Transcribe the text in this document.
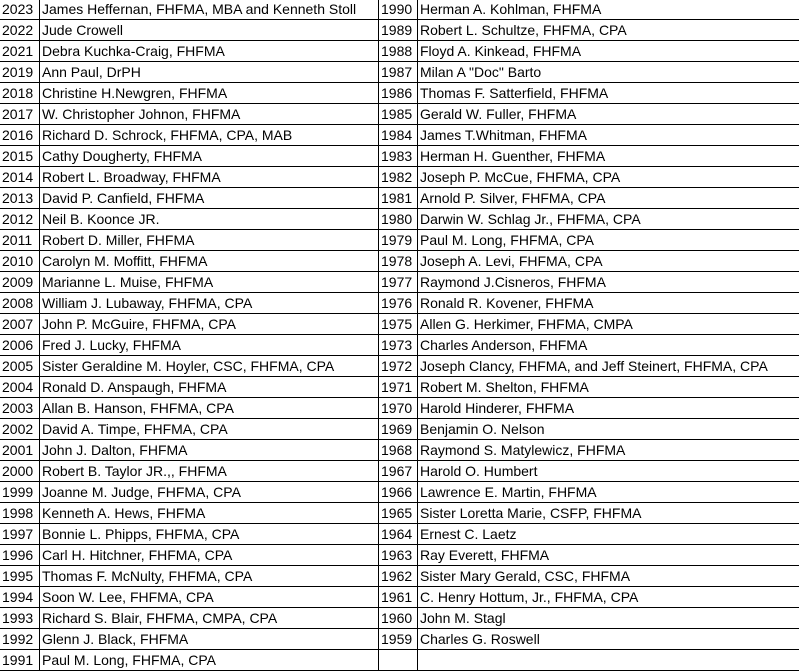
2023	James Heffernan, FHFMA, MBA and Kenneth Stoll	1990	Herman A. Kohlman, FHFMA
2022	Jude Crowell	1989	Robert L. Schultze, FHFMA, CPA
2021	Debra Kuchka-Craig, FHFMA	1988	Floyd A. Kinkead, FHFMA
2019	Ann Paul, DrPH	1987	Milan A "Doc" Barto
2018	Christine H.Newgren, FHFMA	1986	Thomas F. Satterfield, FHFMA
2017	W. Christopher Johnon, FHFMA	1985	Gerald W. Fuller, FHFMA
2016	Richard D. Schrock, FHFMA, CPA, MAB	1984	James T.Whitman, FHFMA
2015	Cathy Dougherty, FHFMA	1983	Herman H. Guenther, FHFMA
2014	Robert L. Broadway, FHFMA	1982	Joseph P. McCue, FHFMA, CPA
2013	David P. Canfield, FHFMA	1981	Arnold P. Silver, FHFMA, CPA
2012	Neil B. Koonce JR.	1980	Darwin W. Schlag Jr., FHFMA, CPA
2011	Robert D. Miller, FHFMA	1979	Paul M. Long, FHFMA, CPA
2010	Carolyn M. Moffitt, FHFMA	1978	Joseph A. Levi, FHFMA, CPA
2009	Marianne L. Muise, FHFMA	1977	Raymond J.Cisneros, FHFMA
2008	William J. Lubaway, FHFMA, CPA	1976	Ronald R. Kovener, FHFMA
2007	John P. McGuire, FHFMA, CPA	1975	Allen G. Herkimer, FHFMA, CMPA
2006	Fred J. Lucky, FHFMA	1973	Charles Anderson, FHFMA
2005	Sister Geraldine M. Hoyler, CSC, FHFMA, CPA	1972	Joseph Clancy, FHFMA, and Jeff Steinert, FHFMA, CPA
2004	Ronald D. Anspaugh, FHFMA	1971	Robert M. Shelton, FHFMA
2003	Allan B. Hanson, FHFMA, CPA	1970	Harold Hinderer, FHFMA
2002	David A. Timpe, FHFMA, CPA	1969	Benjamin O. Nelson
2001	John J. Dalton, FHFMA	1968	Raymond S. Matylewicz, FHFMA
2000	Robert B. Taylor JR.,, FHFMA	1967	Harold O. Humbert
1999	Joanne M. Judge, FHFMA, CPA	1966	Lawrence E. Martin, FHFMA
1998	Kenneth A. Hews, FHFMA	1965	Sister Loretta Marie, CSFP, FHFMA
1997	Bonnie L. Phipps, FHFMA, CPA	1964	Ernest C. Laetz
1996	Carl H. Hitchner, FHFMA, CPA	1963	Ray Everett, FHFMA
1995	Thomas F. McNulty, FHFMA, CPA	1962	Sister Mary Gerald, CSC, FHFMA
1994	Soon W. Lee, FHFMA, CPA	1961	C. Henry Hottum, Jr., FHFMA, CPA
1993	Richard S. Blair, FHFMA, CMPA, CPA	1960	John M. Stagl
1992	Glenn J. Black, FHFMA	1959	Charles G. Roswell
1991	Paul M. Long, FHFMA, CPA		
